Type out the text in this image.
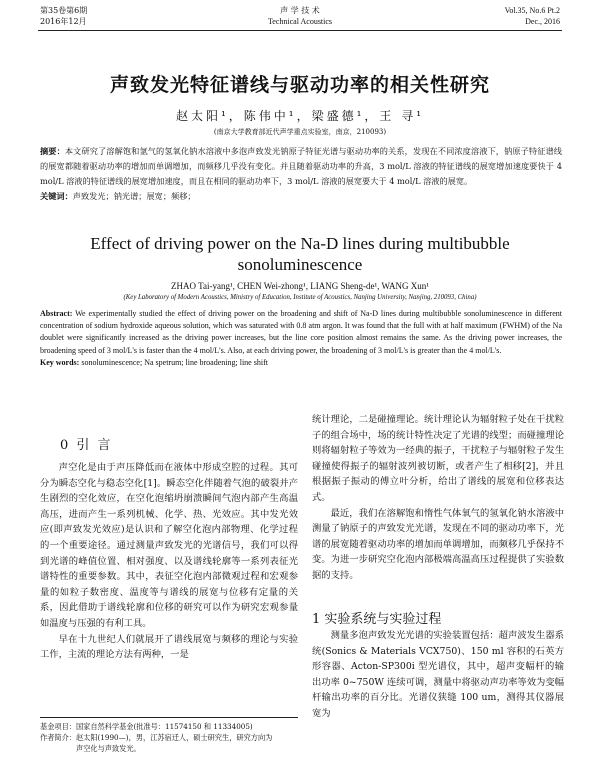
第35卷第6期
2016年12月
声 学 技 术
Technical Acoustics
Vol.35, No.6 Pt.2
Dec., 2016
声致发光特征谱线与驱动功率的相关性研究
赵太阳¹，陈伟中¹，梁盛德¹，王 寻¹
(南京大学教育部近代声学重点实验室，南京，210093)
摘要：本文研究了溶解饱和氩气的氢氧化钠水溶液中多泡声致发光钠原子特征光谱与驱动功率的关系，发现在不同浓度溶液下，钠原子特征谱线的展宽都随着驱动功率的增加而单调增加，而频移几乎没有变化。并且随着驱动功率的升高，3 mol/L 溶液的特征谱线的展宽增加速度要快于 4 mol/L 溶液的特征谱线的展宽增加速度，而且在相同的驱动功率下，3 mol/L 溶液的展宽要大于 4 mol/L 溶液的展宽。
关键词：声致发光；钠光谱；展宽；频移；
Effect of driving power on the Na-D lines during multibubble sonoluminescence
ZHAO Tai-yang¹, CHEN Wei-zhong¹, LIANG Sheng-de¹, WANG Xun¹
(Key Laboratory of Modern Acoustics, Ministry of Education, Institute of Acoustics, Nanjing University, Nanjing, 210093, China)
Abstract: We experimentally studied the effect of driving power on the broadening and shift of Na-D lines during multibubble sonoluminescence in different concentration of sodium hydroxide aqueous solution, which was saturated with 0.8 atm argon. It was found that the full with at half maximum (FWHM) of the Na doublet were significantly increased as the driving power increases, but the line core position almost remains the same. As the driving power increases, the broadening speed of 3 mol/L's is faster than the 4 mol/L's. Also, at each driving power, the broadening of 3 mol/L's is greater than the 4 mol/L's.
Key words: sonoluminescence; Na spetrum; line broadening; line shift
0 引 言

声空化是由于声压降低而在液体中形成空腔的过程。其可分为瞬态空化与稳态空化[1]。瞬态空化伴随着气泡的破裂并产生剧烈的空化效应，在空化泡缩坍崩溃瞬间气泡内部产生高温高压，进而产生一系列机械、化学、热、光效应。其中发光效应(即声致发光效应)是认识和了解空化泡内部物理、化学过程的一个重要途径。通过测量声致发光的光谱信号，我们可以得到光谱的峰值位置、相对强度、以及谱线轮廓等一系列表征光谱特性的重要参数。其中，表征空化泡内部微观过程和宏观参量的如粒子数密度、温度等与谱线的展宽与位移有定量的关系，因此借助于谱线轮廓和位移的研究可以作为研究宏观参量如温度与压强的有利工具。

早在十九世纪人们就展开了谱线展宽与频移的理论与实验工作，主流的理论方法有两种，一是

基金项目：国家自然科学基金(批准号：11574150 和 11334005)
作者简介：赵太阳(1990—)，男，江苏宿迁人，硕士研究生，研究方向为
声空化与声致发光。

统计理论，二是碰撞理论。统计理论认为辐射粒子处在干扰粒子的组合场中，场的统计特性决定了光谱的线型；而碰撞理论则将辐射粒子等效为一经典的振子，干扰粒子与辐射粒子发生碰撞使得振子的辐射波列被切断，或者产生了相移[2]，并且根据振子振动的傅立叶分析，给出了谱线的展宽和位移表达式。

最近，我们在溶解饱和惰性气体氧气的氢氧化钠水溶液中测量了钠原子的声致发光光谱，发现在不同的驱动功率下，光谱的展宽随着驱动功率的增加而单调增加，而频移几乎保持不变。为进一步研究空化泡内部极端高温高压过程提供了实验数据的支持。

1 实验系统与实验过程

测量多泡声致发光光谱的实验装置包括：超声波发生器系统(Sonics & Materials VCX750)、150 ml 容积的石英方形容器、Acton-SP300i 型光谱仪，其中，超声变幅杆的输出功率 0~750W 连续可调，测量中将驱动声功率等效为变幅杆输出功率的百分比。光谱仪狭缝 100 um，测得其仪器展宽为
